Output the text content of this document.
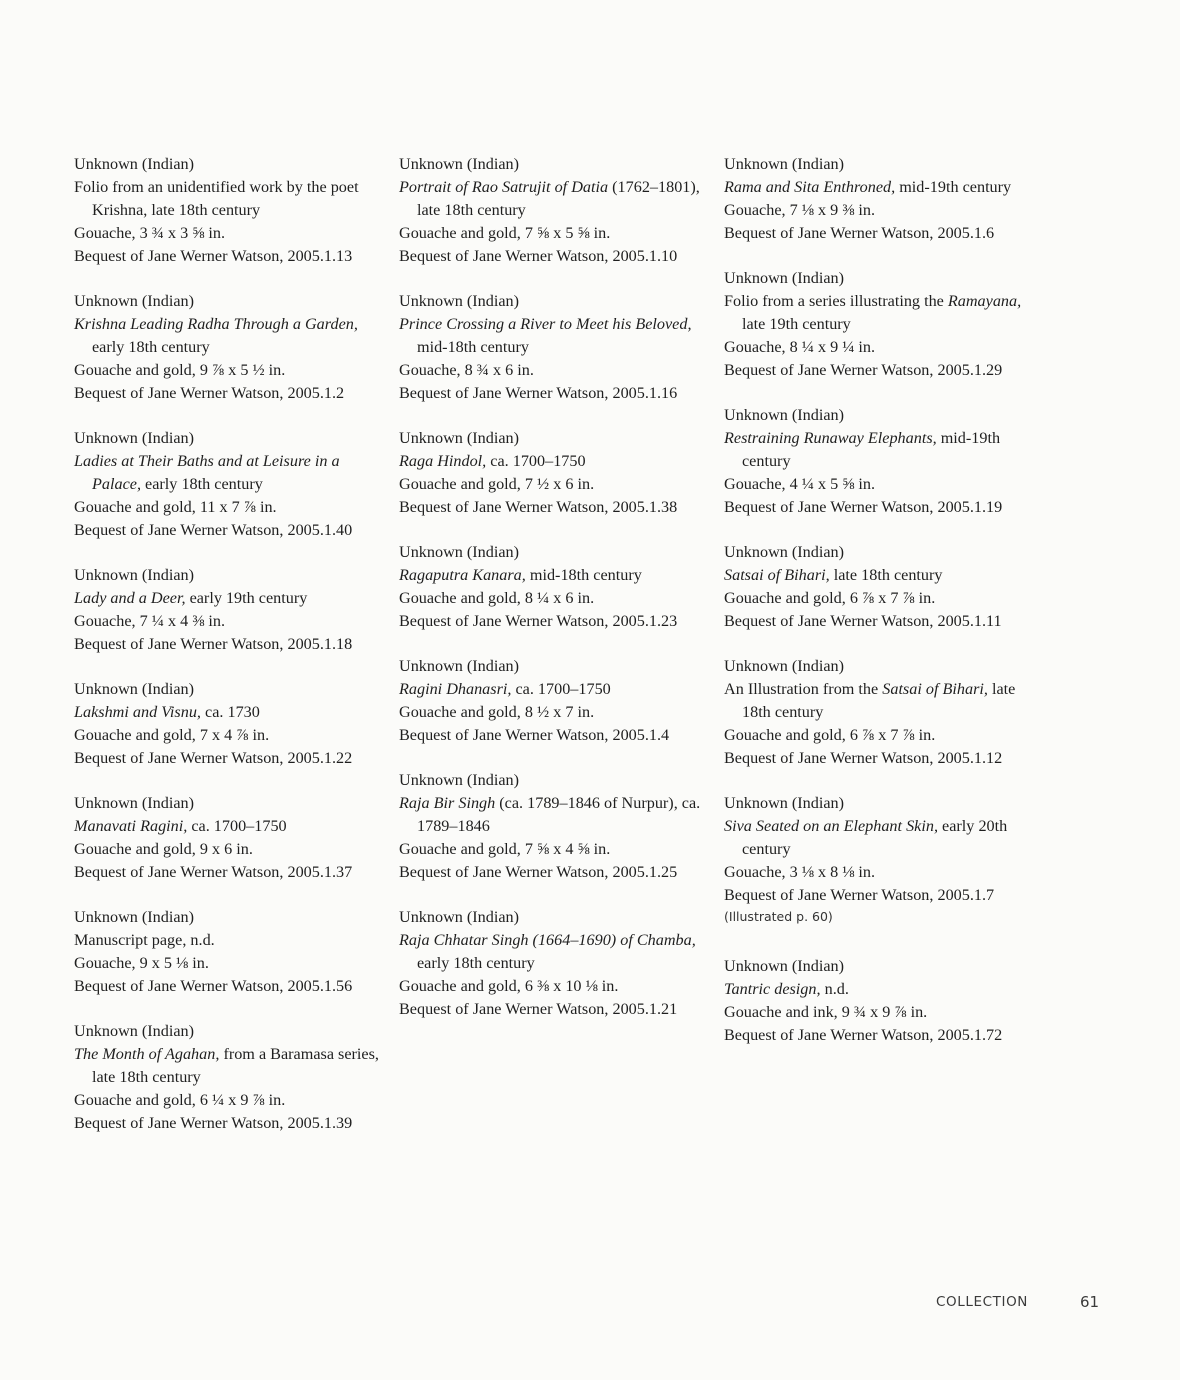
Unknown (Indian)
Folio from an unidentified work by the poet Krishna, late 18th century
Gouache, 3 ¾ x 3 ⅝ in.
Bequest of Jane Werner Watson, 2005.1.13
Unknown (Indian)
Krishna Leading Radha Through a Garden, early 18th century
Gouache and gold, 9 ⅞ x 5 ½ in.
Bequest of Jane Werner Watson, 2005.1.2
Unknown (Indian)
Ladies at Their Baths and at Leisure in a Palace, early 18th century
Gouache and gold, 11 x 7 ⅞ in.
Bequest of Jane Werner Watson, 2005.1.40
Unknown (Indian)
Lady and a Deer, early 19th century
Gouache, 7 ¼ x 4 ⅜ in.
Bequest of Jane Werner Watson, 2005.1.18
Unknown (Indian)
Lakshmi and Visnu, ca. 1730
Gouache and gold, 7 x 4 ⅞ in.
Bequest of Jane Werner Watson, 2005.1.22
Unknown (Indian)
Manavati Ragini, ca. 1700–1750
Gouache and gold, 9 x 6 in.
Bequest of Jane Werner Watson, 2005.1.37
Unknown (Indian)
Manuscript page, n.d.
Gouache, 9 x 5 ⅛ in.
Bequest of Jane Werner Watson, 2005.1.56
Unknown (Indian)
The Month of Agahan, from a Baramasa series, late 18th century
Gouache and gold, 6 ¼ x 9 ⅞ in.
Bequest of Jane Werner Watson, 2005.1.39
Unknown (Indian)
Portrait of Rao Satrujit of Datia (1762–1801), late 18th century
Gouache and gold, 7 ⅝ x 5 ⅝ in.
Bequest of Jane Werner Watson, 2005.1.10
Unknown (Indian)
Prince Crossing a River to Meet his Beloved, mid-18th century
Gouache, 8 ¾ x 6 in.
Bequest of Jane Werner Watson, 2005.1.16
Unknown (Indian)
Raga Hindol, ca. 1700–1750
Gouache and gold, 7 ½ x 6 in.
Bequest of Jane Werner Watson, 2005.1.38
Unknown (Indian)
Ragaputra Kanara, mid-18th century
Gouache and gold, 8 ¼ x 6 in.
Bequest of Jane Werner Watson, 2005.1.23
Unknown (Indian)
Ragini Dhanasri, ca. 1700–1750
Gouache and gold, 8 ½ x 7 in.
Bequest of Jane Werner Watson, 2005.1.4
Unknown (Indian)
Raja Bir Singh (ca. 1789–1846 of Nurpur), ca. 1789–1846
Gouache and gold, 7 ⅝ x 4 ⅝ in.
Bequest of Jane Werner Watson, 2005.1.25
Unknown (Indian)
Raja Chhatar Singh (1664–1690) of Chamba, early 18th century
Gouache and gold, 6 ⅜ x 10 ⅛ in.
Bequest of Jane Werner Watson, 2005.1.21
Unknown (Indian)
Rama and Sita Enthroned, mid-19th century
Gouache, 7 ⅛ x 9 ⅜ in.
Bequest of Jane Werner Watson, 2005.1.6
Unknown (Indian)
Folio from a series illustrating the Ramayana, late 19th century
Gouache, 8 ¼ x 9 ¼ in.
Bequest of Jane Werner Watson, 2005.1.29
Unknown (Indian)
Restraining Runaway Elephants, mid-19th century
Gouache, 4 ¼ x 5 ⅝ in.
Bequest of Jane Werner Watson, 2005.1.19
Unknown (Indian)
Satsai of Bihari, late 18th century
Gouache and gold, 6 ⅞ x 7 ⅞ in.
Bequest of Jane Werner Watson, 2005.1.11
Unknown (Indian)
An Illustration from the Satsai of Bihari, late 18th century
Gouache and gold, 6 ⅞ x 7 ⅞ in.
Bequest of Jane Werner Watson, 2005.1.12
Unknown (Indian)
Siva Seated on an Elephant Skin, early 20th century
Gouache, 3 ⅛ x 8 ⅛ in.
Bequest of Jane Werner Watson, 2005.1.7
(Illustrated p. 60)
Unknown (Indian)
Tantric design, n.d.
Gouache and ink, 9 ¾ x 9 ⅞ in.
Bequest of Jane Werner Watson, 2005.1.72
COLLECTION	61
